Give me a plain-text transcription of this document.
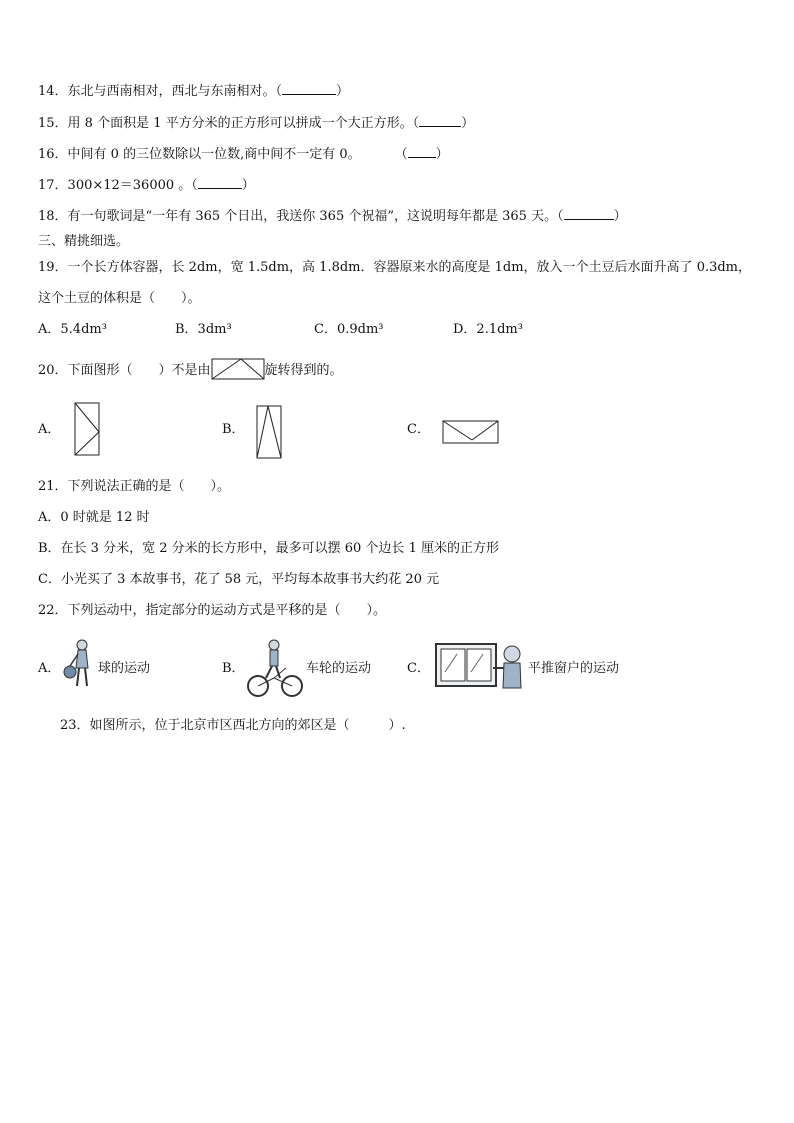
14．东北与西南相对，西北与东南相对。（	）
15．用 8 个面积是 1 平方分米的正方形可以拼成一个大正方形。（	）
16．中间有 0 的三位数除以一位数,商中间不一定有 0。	（ ）
17．300×12＝36000 。（	）
18．有一句歌词是“一年有 365 个日出，我送你 365 个祝福”，这说明每年都是 365 天。（	）
三、精挑细选。
19．一个长方体容器，长 2dm，宽 1.5dm，高 1.8dm．容器原来水的高度是 1dm，放入一个土豆后水面升高了 0.3dm，
这个土豆的体积是（　　）。
A．5.4dm³	B．3dm³	C．0.9dm³	D．2.1dm³
20．下面图形（　　）不是由	旋转得到的。
A．	B．	C．
21．下列说法正确的是（　　）。
A．0 时就是 12 时
B．在长 3 分米，宽 2 分米的长方形中，最多可以摆 60 个边长 1 厘米的正方形
C．小光买了 3 本故事书，花了 58 元，平均每本故事书大约花 20 元
22．下列运动中，指定部分的运动方式是平移的是（　　）。
A．	球的运动	B．	车轮的运动	C．	平推窗户的运动
23．如图所示，位于北京市区西北方向的郊区是（　　　）.
